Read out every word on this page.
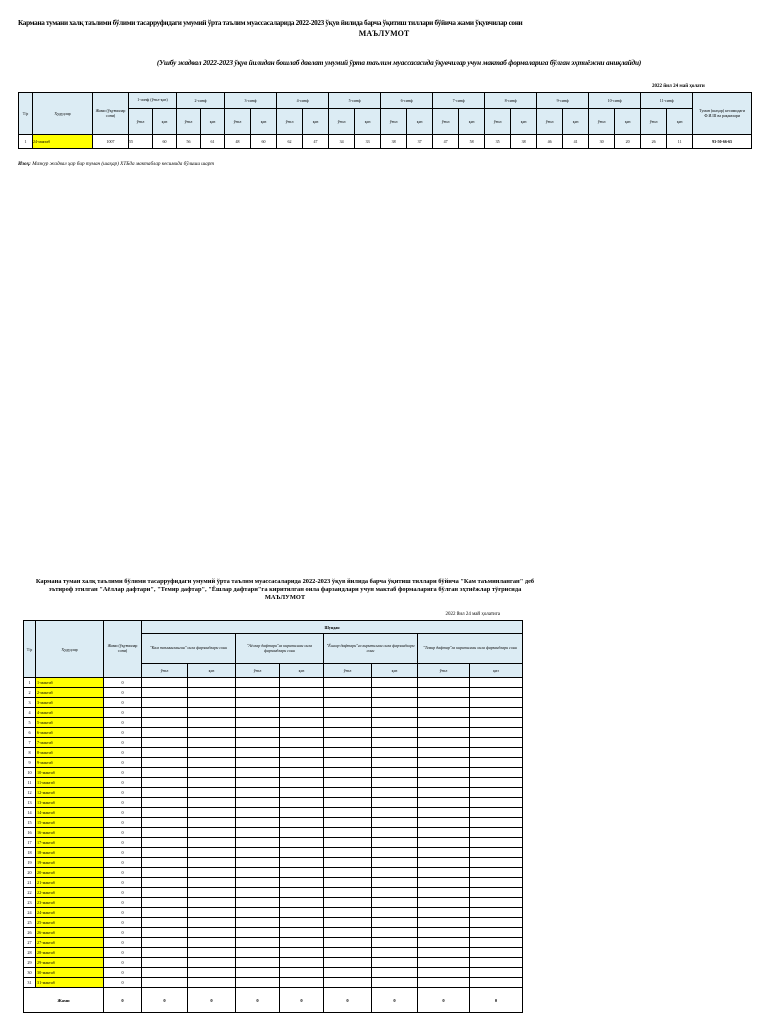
Кармана тумани халқ таълими бўлими тасарруфидаги умумий ўрта таълим муассасаларида 2022-2023 ўқув йилида барча ўқитиш тиллари бўйича жами ўқувчилар сони
МАЪЛУМОТ
(Ушбу жадвал 2022-2023 ўқув йилидан бошлаб давлат умумий ўрта таълим муассасасида ўқувчилар учун мактаб формаларига бўлган эҳтиёжни аниқлайди)
2022 йил 24 май ҳолати
Т/р	Ҳудудлар	Жами (ўқувчилар сони)	1-синф (ўғил-қиз)		2-синф		3-синф		4-синф		5-синф		6-синф		7-синф		8-синф		9-синф		10-синф		11-синф		Туман (шаҳар) кесимидаги Ф.И.Ш ва рақамлари
			ўғил	қиз	ўғил	қиз	ўғил	қиз	ўғил	қиз	ўғил	қиз	ўғил	қиз	ўғил	қиз	ўғил	қиз	ўғил	қиз	ўғил	қиз	ўғил	қиз	
1	24-мактаб	1007	55	60	56	61	48	60	62	47	34	33	38	37	47	58	35	38	46	41	30	20	26	11	93-50-66-65
Изоҳ: Мазкур жадвал ҳар бир туман (шаҳар) ХТБда мактаблар кесимида бўлиши шарт
Кармана туман халқ таълими бўлими тасарруфидаги умумий ўрта таълим муассасаларида 2022-2023 ўқув йилида барча ўқитиш тиллари бўйича "Кам таъминланган" деб эътироф этилган "Аёллар дафтари", "Темир дафтар", "Ёшлар дафтари"га киритилган оила фарзандлари учун мактаб формаларига бўлган эҳтиёжлар тўғрисида МАЪЛУМОТ
2022 йил 24 май ҳолатига
Т/р	Ҳудудлар	Жами (ўқувчилар сони)	Шундан							
			"Кам таъминланган" оила фарзандлари сони		"Аёллар дафтари"га киритилган оила фарзандлари сони		"Ёшлар дафтари"га киритилган оила фарзандлари сони		"Темир дафтар"га киритилган оила фарзандлари сони	
			ўғил	қиз	ўғил	қиз	ўғил	қиз	ўғил	қиз
1	1-мактаб	0								
2	2-мактаб	0								
3	3-мактаб	0								
4	4-мактаб	0								
5	5-мактаб	0								
6	6-мактаб	0								
7	7-мактаб	0								
8	8-мактаб	0								
9	9-мактаб	0								
10	10-мактаб	0								
11	11-мактаб	0								
12	12-мактаб	0								
13	13-мактаб	0								
14	14-мактаб	0								
15	15-мактаб	0								
16	16-мактаб	0								
17	17-мактаб	0								
18	18-мактаб	0								
19	19-мактаб	0								
20	20-мактаб	0								
21	21-мактаб	0								
22	22-мактаб	0								
23	23-мактаб	0								
24	24-мактаб	0								
25	25-мактаб	0								
26	26-мактаб	0								
27	27-мактаб	0								
28	28-мактаб	0								
29	29-мактаб	0								
30	30-мактаб	0								
31	31-мактаб	0								
Жами		0	0	0	0	0	0	0	0	0
